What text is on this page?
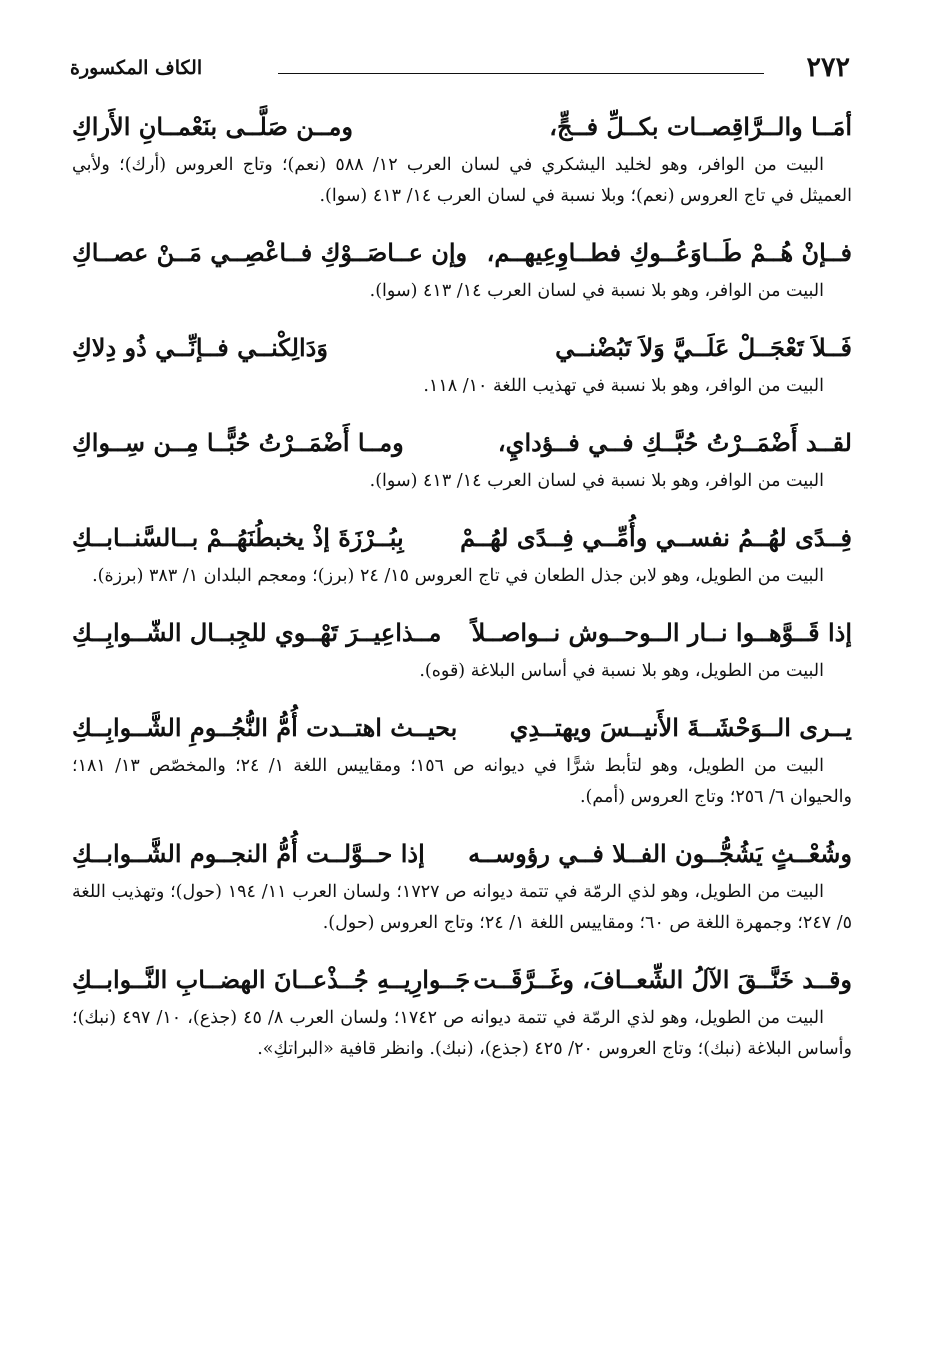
٢٧٢
الكاف المكسورة
أمَــا والــرَّاقِصــات بكــلِّ فــجٍّ،
ومــن صَلَّــى بنَعْمــانِ الأَراكِ

البيت من الوافر، وهو لخليد اليشكري في لسان العرب ١٢/ ٥٨٨ (نعم)؛ وتاج العروس (أرك)؛ ولأبي العميثل في تاج العروس (نعم)؛ وبلا نسبة في لسان العرب ١٤/ ٤١٣ (سوا).

فــإنْ هُــمْ طَــاوَعُــوكِ فطــاوِعِيهــم،
وإن عــاصَــوْكِ فــاعْصِــي مَــنْ عصــاكِ

البيت من الوافر، وهو بلا نسبة في لسان العرب ١٤/ ٤١٣ (سوا).

فَــلاَ تَعْجَــلْ عَلَــيَّ وَلاَ تَبُضْنــي
وَدَالِكْنــي فــإنِّــي ذُو دِلاكِ

البيت من الوافر، وهو بلا نسبة في تهذيب اللغة ١٠/ ١١٨.

لقــد أَضْمَــرْتُ حُبَّــكِ فــي فــؤدايِ،
ومــا أَضْمَــرْتُ حُبًّــا مِــن سِــواكِ

البيت من الوافر، وهو بلا نسبة في لسان العرب ١٤/ ٤١٣ (سوا).

فِــدًى لهُــمُ نفســي وأُمِّــي فِــدًى لهُــمْ
بِبُــرْزَةَ إذْ يخبطُنَهُــمْ بــالسَّنــابــكِ

البيت من الطويل، وهو لابن جذل الطعان في تاج العروس ١٥/ ٢٤ (برز)؛ ومعجم البلدان ١/ ٣٨٣ (برزة).

إذا قَــوَّهــوا نــار الــوحــوش نــواصــلاً
مــذاعِيــرَ تَهْــوي للجِبــال الشّــوابِــكِ

البيت من الطويل، وهو بلا نسبة في أساس البلاغة (قوه).

يــرى الــوَحْشَــةَ الأَنيــسَ ويهتــدِي
بحيــث اهتــدت أُمُّ النُّجُــومِ الشَّــوابِــكِ

البيت من الطويل، وهو لتأبط شرًّا في ديوانه ص ١٥٦؛ ومقاييس اللغة ١/ ٢٤؛ والمخصّص ١٣/ ١٨١؛ والحيوان ٦/ ٢٥٦؛ وتاج العروس (أمم).

وشُعْــثٍ يَشُجُّــون الفــلا فــي رؤوســه
إذا حــوَّلــت أُمُّ النجــوم الشَّــوابــكِ

البيت من الطويل، وهو لذي الرمّة في تتمة ديوانه ص ١٧٢٧؛ ولسان العرب ١١/ ١٩٤ (حول)؛ وتهذيب اللغة ٥/ ٢٤٧؛ وجمهرة اللغة ص ٦٠؛ ومقاييس اللغة ١/ ٢٤؛ وتاج العروس (حول).

وقــد خَنَّــقَ الآلُ الشِّعــافَ، وغَــرَّقَــت
جَــوارِيــهِ جُــذْعــانَ الهضــابِ النَّــوابــكِ

البيت من الطويل، وهو لذي الرمّة في تتمة ديوانه ص ١٧٤٢؛ ولسان العرب ٨/ ٤٥ (جذع)، ١٠/ ٤٩٧ (نبك)؛ وأساس البلاغة (نبك)؛ وتاج العروس ٢٠/ ٤٢٥ (جذع)، (نبك). وانظر قافية «البراتكِ».
